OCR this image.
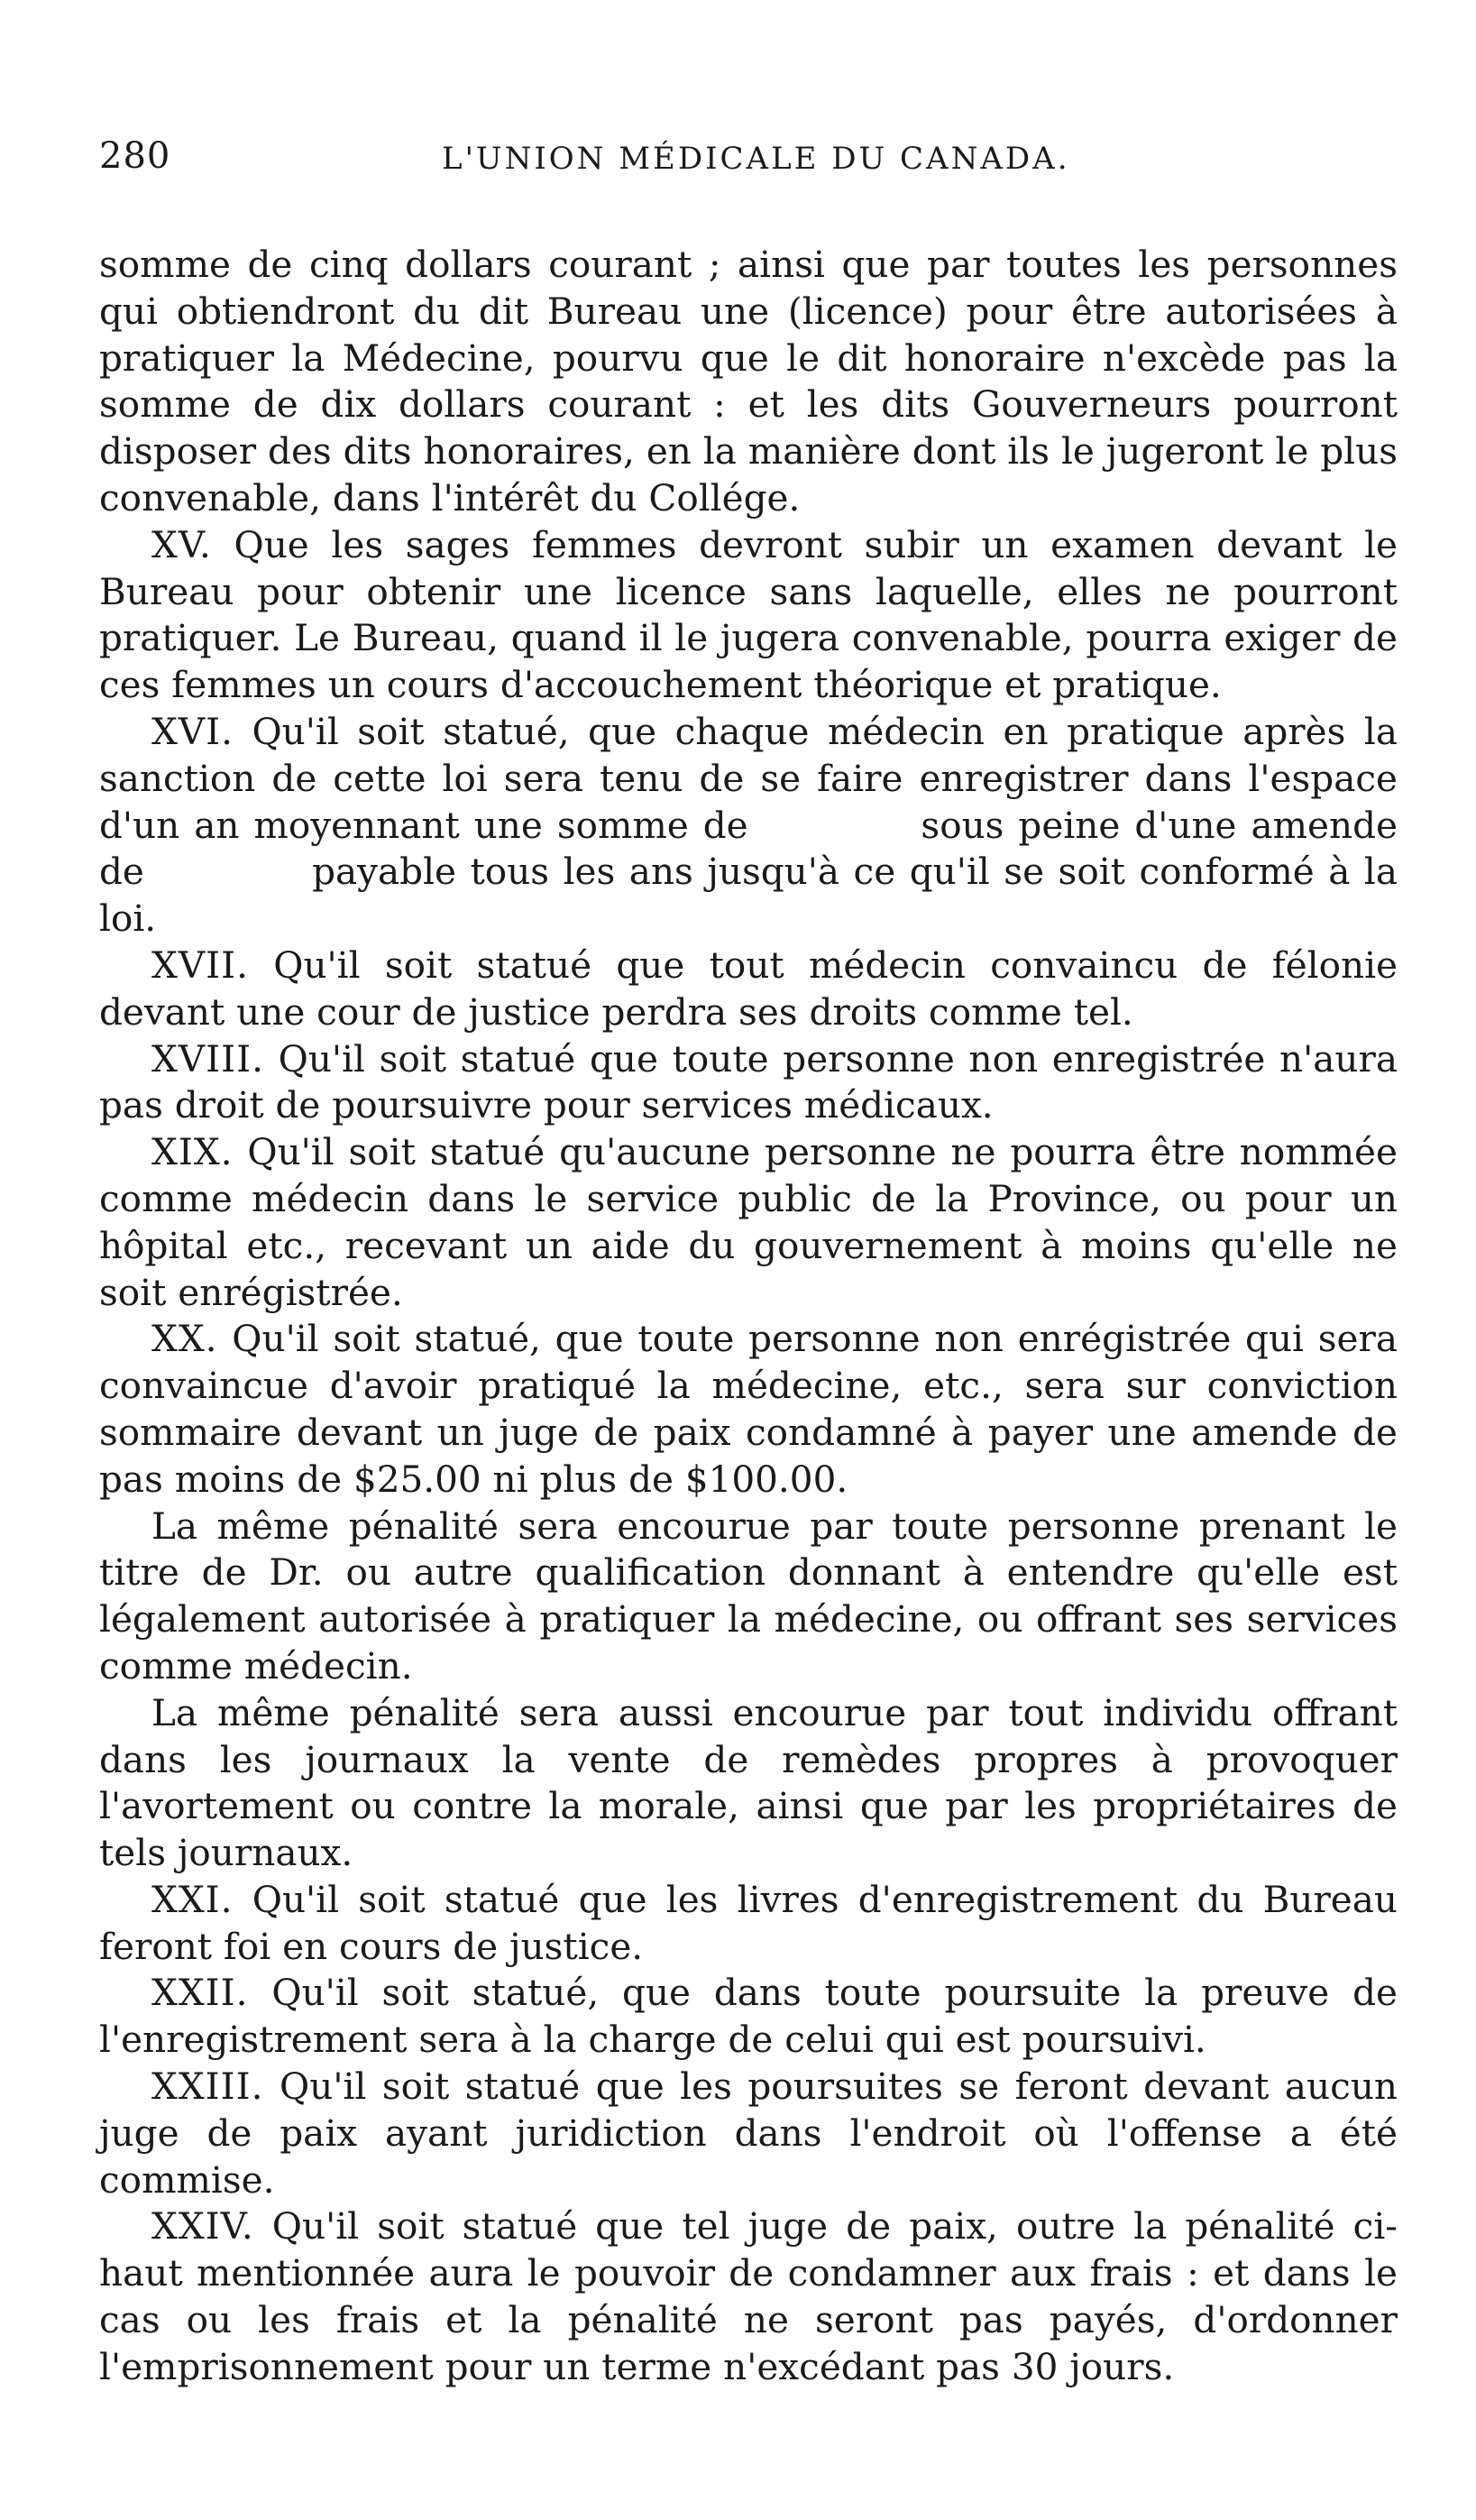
280	L'UNION MÉDICALE DU CANADA.

somme de cinq dollars courant ; ainsi que par toutes les personnes qui obtiendront du dit Bureau une (licence) pour être autorisées à pratiquer la Médecine, pourvu que le dit honoraire n'excède pas la somme de dix dollars courant : et les dits Gouverneurs pourront disposer des dits honoraires, en la manière dont ils le jugeront le plus convenable, dans l'intérêt du Collége.

XV. Que les sages femmes devront subir un examen devant le Bureau pour obtenir une licence sans laquelle, elles ne pourront pratiquer. Le Bureau, quand il le jugera convenable, pourra exiger de ces femmes un cours d'accouchement théorique et pratique.

XVI. Qu'il soit statué, que chaque médecin en pratique après la sanction de cette loi sera tenu de se faire enregistrer dans l'espace d'un an moyennant une somme de            sous peine d'une amende de            payable tous les ans jusqu'à ce qu'il se soit conformé à la loi.

XVII. Qu'il soit statué que tout médecin convaincu de félonie devant une cour de justice perdra ses droits comme tel.

XVIII. Qu'il soit statué que toute personne non enregistrée n'aura pas droit de poursuivre pour services médicaux.

XIX. Qu'il soit statué qu'aucune personne ne pourra être nommée comme médecin dans le service public de la Province, ou pour un hôpital etc., recevant un aide du gouvernement à moins qu'elle ne soit enrégistrée.

XX. Qu'il soit statué, que toute personne non enrégistrée qui sera convaincue d'avoir pratiqué la médecine, etc., sera sur conviction sommaire devant un juge de paix condamné à payer une amende de pas moins de $25.00 ni plus de $100.00.

La même pénalité sera encourue par toute personne prenant le titre de Dr. ou autre qualification donnant à entendre qu'elle est légalement autorisée à pratiquer la médecine, ou offrant ses services comme médecin.

La même pénalité sera aussi encourue par tout individu offrant dans les journaux la vente de remèdes propres à provoquer l'avortement ou contre la morale, ainsi que par les propriétaires de tels journaux.

XXI. Qu'il soit statué que les livres d'enregistrement du Bureau feront foi en cours de justice.

XXII. Qu'il soit statué, que dans toute poursuite la preuve de l'enregistrement sera à la charge de celui qui est poursuivi.

XXIII. Qu'il soit statué que les poursuites se feront devant aucun juge de paix ayant juridiction dans l'endroit où l'offense a été commise.

XXIV. Qu'il soit statué que tel juge de paix, outre la pénalité ci-haut mentionnée aura le pouvoir de condamner aux frais : et dans le cas ou les frais et la pénalité ne seront pas payés, d'ordonner l'emprisonnement pour un terme n'excédant pas 30 jours.
